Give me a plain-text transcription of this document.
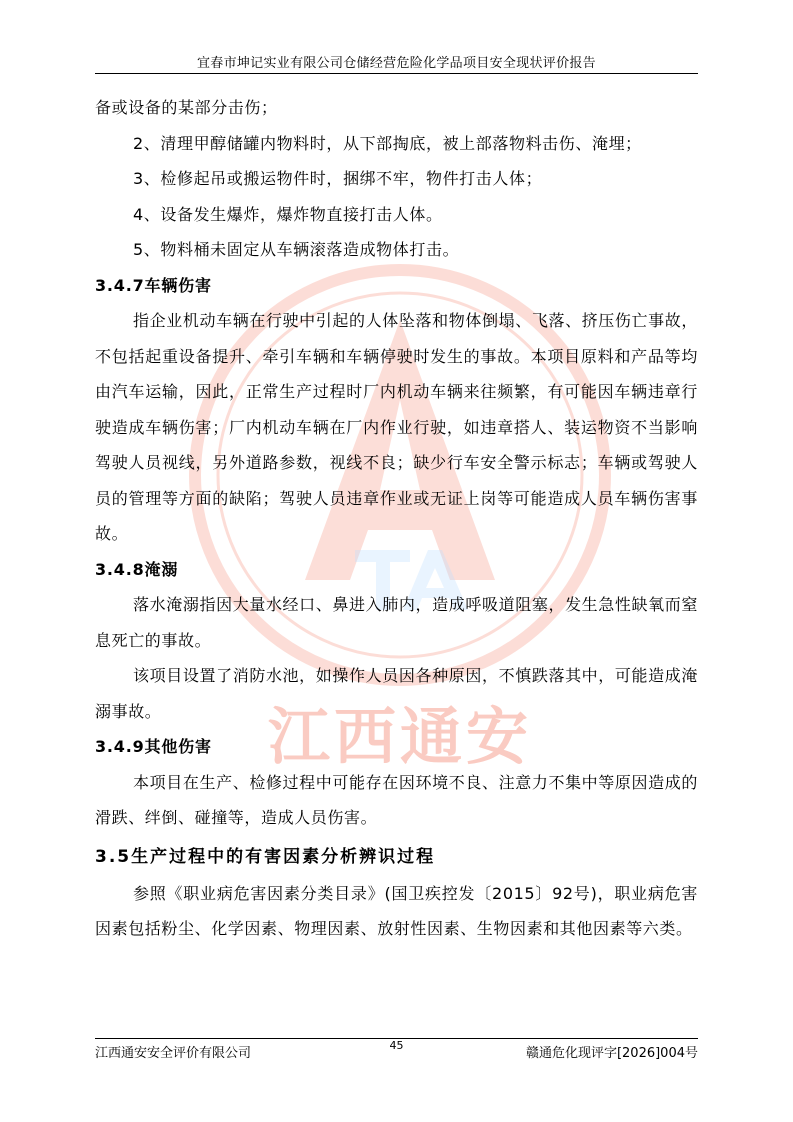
宜春市坤记实业有限公司仓储经营危险化学品项目安全现状评价报告
江西通安

备或设备的某部分击伤；

2、清理甲醇储罐内物料时，从下部掏底，被上部落物料击伤、淹埋；

3、检修起吊或搬运物件时，捆绑不牢，物件打击人体；

4、设备发生爆炸，爆炸物直接打击人体。

5、物料桶未固定从车辆滚落造成物体打击。

3.4.7车辆伤害

指企业机动车辆在行驶中引起的人体坠落和物体倒塌、飞落、挤压伤亡事故，不包括起重设备提升、牵引车辆和车辆停驶时发生的事故。本项目原料和产品等均由汽车运输，因此，正常生产过程时厂内机动车辆来往频繁，有可能因车辆违章行驶造成车辆伤害；厂内机动车辆在厂内作业行驶，如违章搭人、装运物资不当影响驾驶人员视线，另外道路参数，视线不良；缺少行车安全警示标志；车辆或驾驶人员的管理等方面的缺陷；驾驶人员违章作业或无证上岗等可能造成人员车辆伤害事故。

3.4.8淹溺

落水淹溺指因大量水经口、鼻进入肺内，造成呼吸道阻塞，发生急性缺氧而窒息死亡的事故。

该项目设置了消防水池，如操作人员因各种原因，不慎跌落其中，可能造成淹溺事故。

3.4.9其他伤害

本项目在生产、检修过程中可能存在因环境不良、注意力不集中等原因造成的滑跌、绊倒、碰撞等，造成人员伤害。

3.5生产过程中的有害因素分析辨识过程

参照《职业病危害因素分类目录》(国卫疾控发〔2015〕92号)，职业病危害因素包括粉尘、化学因素、物理因素、放射性因素、生物因素和其他因素等六类。

江西通安安全评价有限公司
45
赣通危化现评字[2026]004号
